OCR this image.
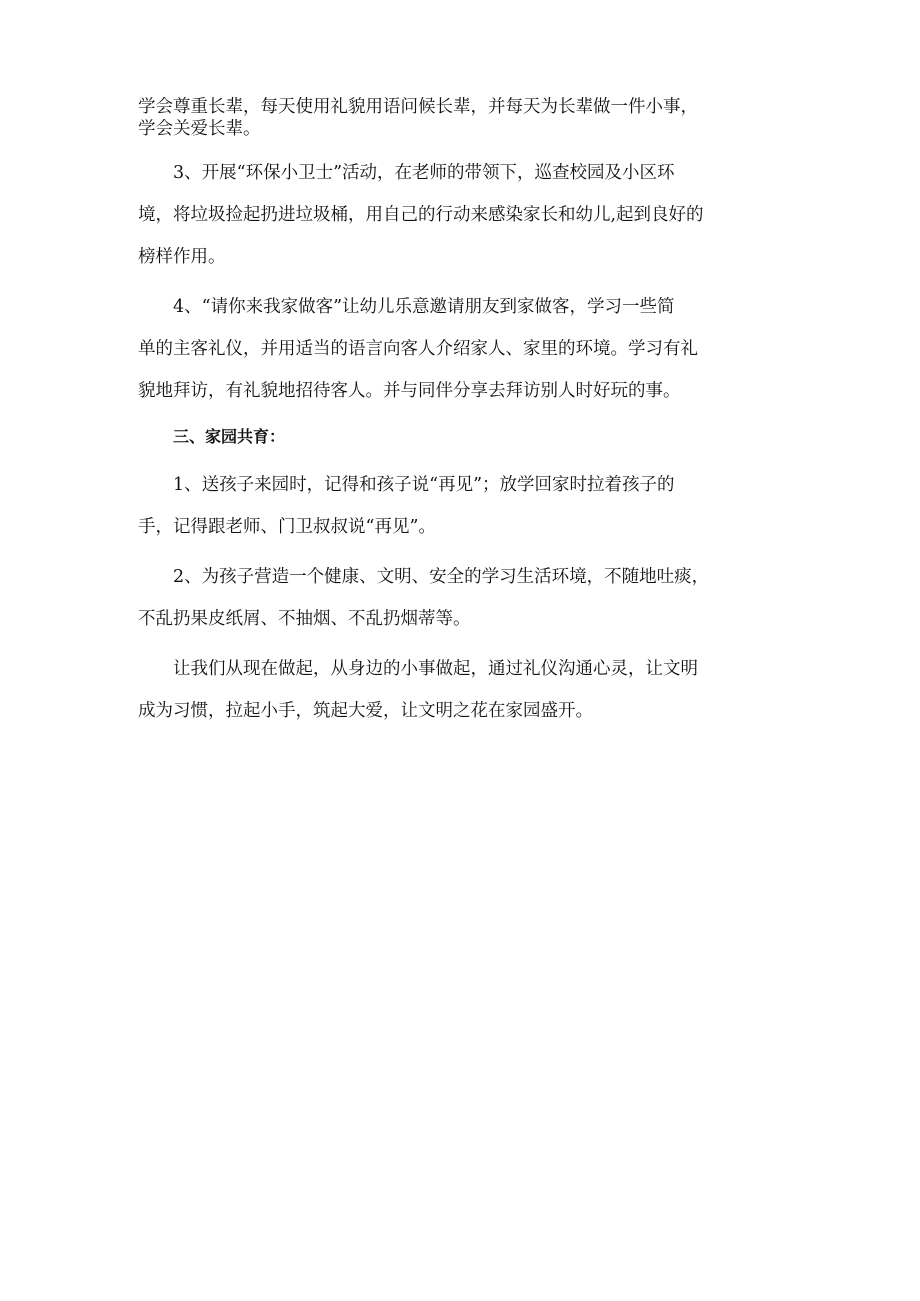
学会尊重长辈，每天使用礼貌用语问候长辈，并每天为长辈做一件小事，
学会关爱长辈。

3、开展“环保小卫士”活动，在老师的带领下，巡查校园及小区环
境，将垃圾捡起扔进垃圾桶，用自己的行动来感染家长和幼儿,起到良好的
榜样作用。

4、“请你来我家做客”让幼儿乐意邀请朋友到家做客，学习一些简
单的主客礼仪，并用适当的语言向客人介绍家人、家里的环境。学习有礼
貌地拜访，有礼貌地招待客人。并与同伴分享去拜访别人时好玩的事。

三、家园共育：

1、送孩子来园时，记得和孩子说“再见”；放学回家时拉着孩子的
手，记得跟老师、门卫叔叔说“再见”。

2、为孩子营造一个健康、文明、安全的学习生活环境，不随地吐痰，
不乱扔果皮纸屑、不抽烟、不乱扔烟蒂等。

让我们从现在做起，从身边的小事做起，通过礼仪沟通心灵，让文明
成为习惯，拉起小手，筑起大爱，让文明之花在家园盛开。
